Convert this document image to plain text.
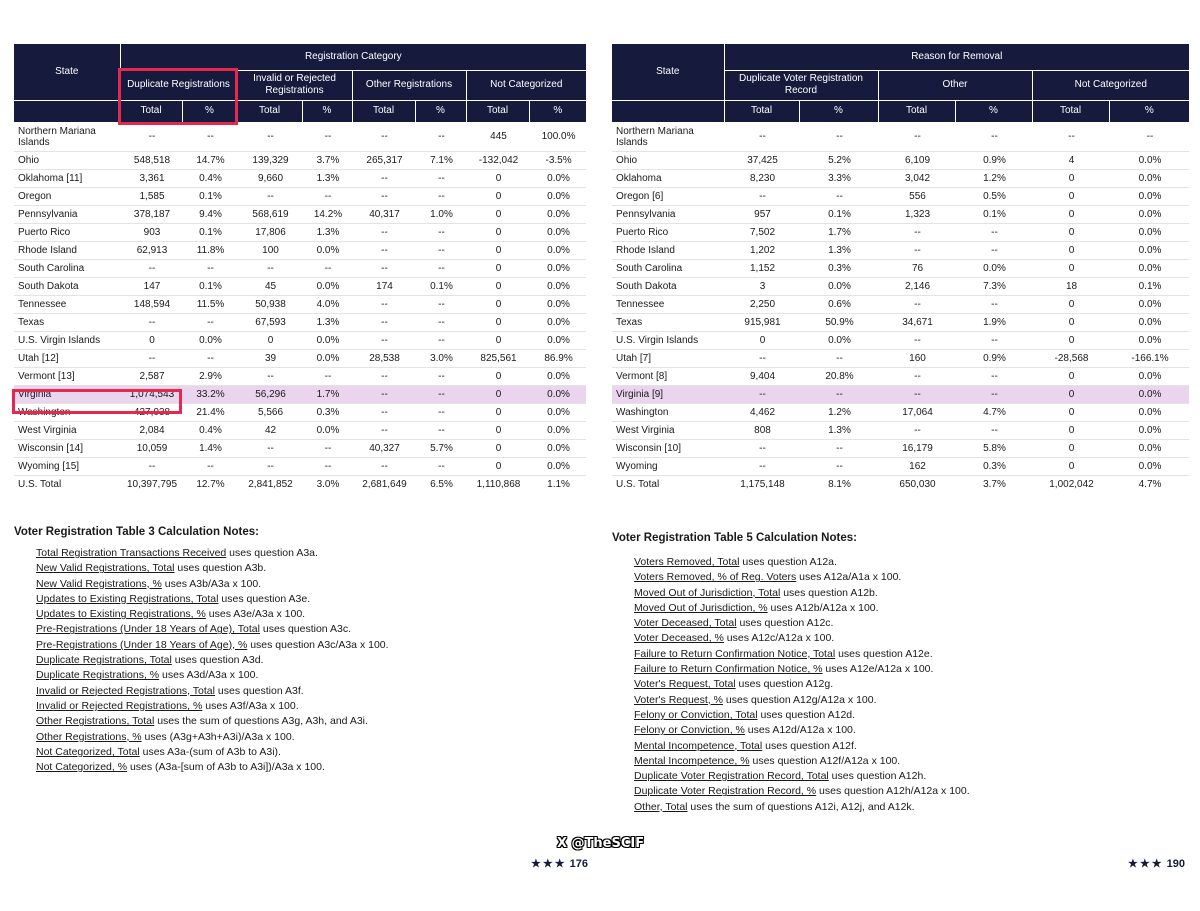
State	Registration Category							
	Duplicate Registrations		Invalid or Rejected Registrations		Other Registrations		Not Categorized	
	Total	%	Total	%	Total	%	Total	%
Northern Mariana Islands	--	--	--	--	--	--	445	100.0%
Ohio	548,518	14.7%	139,329	3.7%	265,317	7.1%	-132,042	-3.5%
Oklahoma [11]	3,361	0.4%	9,660	1.3%	--	--	0	0.0%
Oregon	1,585	0.1%	--	--	--	--	0	0.0%
Pennsylvania	378,187	9.4%	568,619	14.2%	40,317	1.0%	0	0.0%
Puerto Rico	903	0.1%	17,806	1.3%	--	--	0	0.0%
Rhode Island	62,913	11.8%	100	0.0%	--	--	0	0.0%
South Carolina	--	--	--	--	--	--	0	0.0%
South Dakota	147	0.1%	45	0.0%	174	0.1%	0	0.0%
Tennessee	148,594	11.5%	50,938	4.0%	--	--	0	0.0%
Texas	--	--	67,593	1.3%	--	--	0	0.0%
U.S. Virgin Islands	0	0.0%	0	0.0%	--	--	0	0.0%
Utah [12]	--	--	39	0.0%	28,538	3.0%	825,561	86.9%
Vermont [13]	2,587	2.9%	--	--	--	--	0	0.0%
Virginia	1,074,543	33.2%	56,296	1.7%	--	--	0	0.0%
Washington	427,038	21.4%	5,566	0.3%	--	--	0	0.0%
West Virginia	2,084	0.4%	42	0.0%	--	--	0	0.0%
Wisconsin [14]	10,059	1.4%	--	--	40,327	5.7%	0	0.0%
Wyoming [15]	--	--	--	--	--	--	0	0.0%
U.S. Total	10,397,795	12.7%	2,841,852	3.0%	2,681,649	6.5%	1,110,868	1.1%
State	Reason for Removal					
	Duplicate Voter Registration Record		Other		Not Categorized	
	Total	%	Total	%	Total	%
Northern Mariana Islands	--	--	--	--	--	--
Ohio	37,425	5.2%	6,109	0.9%	4	0.0%
Oklahoma	8,230	3.3%	3,042	1.2%	0	0.0%
Oregon [6]	--	--	556	0.5%	0	0.0%
Pennsylvania	957	0.1%	1,323	0.1%	0	0.0%
Puerto Rico	7,502	1.7%	--	--	0	0.0%
Rhode Island	1,202	1.3%	--	--	0	0.0%
South Carolina	1,152	0.3%	76	0.0%	0	0.0%
South Dakota	3	0.0%	2,146	7.3%	18	0.1%
Tennessee	2,250	0.6%	--	--	0	0.0%
Texas	915,981	50.9%	34,671	1.9%	0	0.0%
U.S. Virgin Islands	0	0.0%	--	--	0	0.0%
Utah [7]	--	--	160	0.9%	-28,568	-166.1%
Vermont [8]	9,404	20.8%	--	--	0	0.0%
Virginia [9]	--	--	--	--	0	0.0%
Washington	4,462	1.2%	17,064	4.7%	0	0.0%
West Virginia	808	1.3%	--	--	0	0.0%
Wisconsin [10]	--	--	16,179	5.8%	0	0.0%
Wyoming	--	--	162	0.3%	0	0.0%
U.S. Total	1,175,148	8.1%	650,030	3.7%	1,002,042	4.7%
Voter Registration Table 3 Calculation Notes:
Total Registration Transactions Received uses question A3a.
New Valid Registrations, Total uses question A3b.
New Valid Registrations, % uses A3b/A3a x 100.
Updates to Existing Registrations, Total uses question A3e.
Updates to Existing Registrations, % uses A3e/A3a x 100.
Pre-Registrations (Under 18 Years of Age), Total uses question A3c.
Pre-Registrations (Under 18 Years of Age), % uses question A3c/A3a x 100.
Duplicate Registrations, Total uses question A3d.
Duplicate Registrations, % uses A3d/A3a x 100.
Invalid or Rejected Registrations, Total uses question A3f.
Invalid or Rejected Registrations, % uses A3f/A3a x 100.
Other Registrations, Total uses the sum of questions A3g, A3h, and A3i.
Other Registrations, % uses (A3g+A3h+A3i)/A3a x 100.
Not Categorized, Total uses A3a-(sum of A3b to A3i).
Not Categorized, % uses (A3a-[sum of A3b to A3i])/A3a x 100.
Voter Registration Table 5 Calculation Notes:
Voters Removed, Total uses question A12a.
Voters Removed, % of Reg. Voters uses A12a/A1a x 100.
Moved Out of Jurisdiction, Total uses question A12b.
Moved Out of Jurisdiction, % uses A12b/A12a x 100.
Voter Deceased, Total uses question A12c.
Voter Deceased, % uses A12c/A12a x 100.
Failure to Return Confirmation Notice, Total uses question A12e.
Failure to Return Confirmation Notice, % uses A12e/A12a x 100.
Voter's Request, Total uses question A12g.
Voter's Request, % uses question A12g/A12a x 100.
Felony or Conviction, Total uses question A12d.
Felony or Conviction, % uses A12d/A12a x 100.
Mental Incompetence, Total uses question A12f.
Mental Incompetence, % uses question A12f/A12a x 100.
Duplicate Voter Registration Record, Total uses question A12h.
Duplicate Voter Registration Record, % uses question A12h/A12a x 100.
Other, Total uses the sum of questions A12i, A12j, and A12k.
X @TheSCIF
★★★ 176	★★★ 190
